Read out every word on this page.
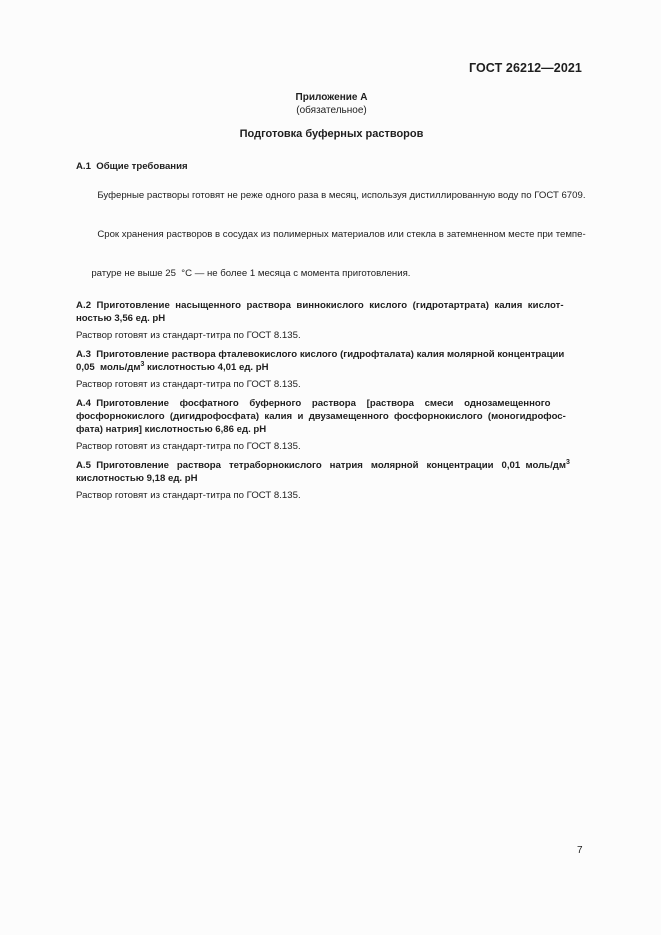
ГОСТ 26212—2021
Приложение А
(обязательное)
Подготовка буферных растворов
А.1  Общие требования

Буферные растворы готовят не реже одного раза в месяц, используя дистиллированную воду по ГОСТ 6709.

Срок хранения растворов в сосудах из полимерных материалов или стекла в затемненном месте при темпе-

ратуре не выше 25  °С — не более 1 месяца с момента приготовления.

А.2  Приготовление  насыщенного  раствора  виннокислого  кислого  (гидротартрата)  калия  кислот-
ностью 3,56 ед. рН
Раствор готовят из стандарт-титра по ГОСТ 8.135.
А.3  Приготовление раствора фталевокислого кислого (гидрофталата) калия молярной концентрации
0,05  моль/$дм^3$ кислотностью 4,01 ед. рН
Раствор готовят из стандарт-титра по ГОСТ 8.135.
А.4  Приготовление    фосфатного    буферного    раствора    [раствора    смеси    однозамещенного
фосфорнокислого  (дигидрофосфата)  калия  и  двузамещенного  фосфорнокислого  (моногидрофос-
фата) натрия] кислотностью 6,86 ед. рН
Раствор готовят из стандарт-титра по ГОСТ 8.135.
А.5  Приготовление   раствора   тетраборнокислого   натрия   молярной   концентрации   0,01  моль/$дм^3$
кислотностью 9,18 ед. рН
Раствор готовят из стандарт-титра по ГОСТ 8.135.
7
